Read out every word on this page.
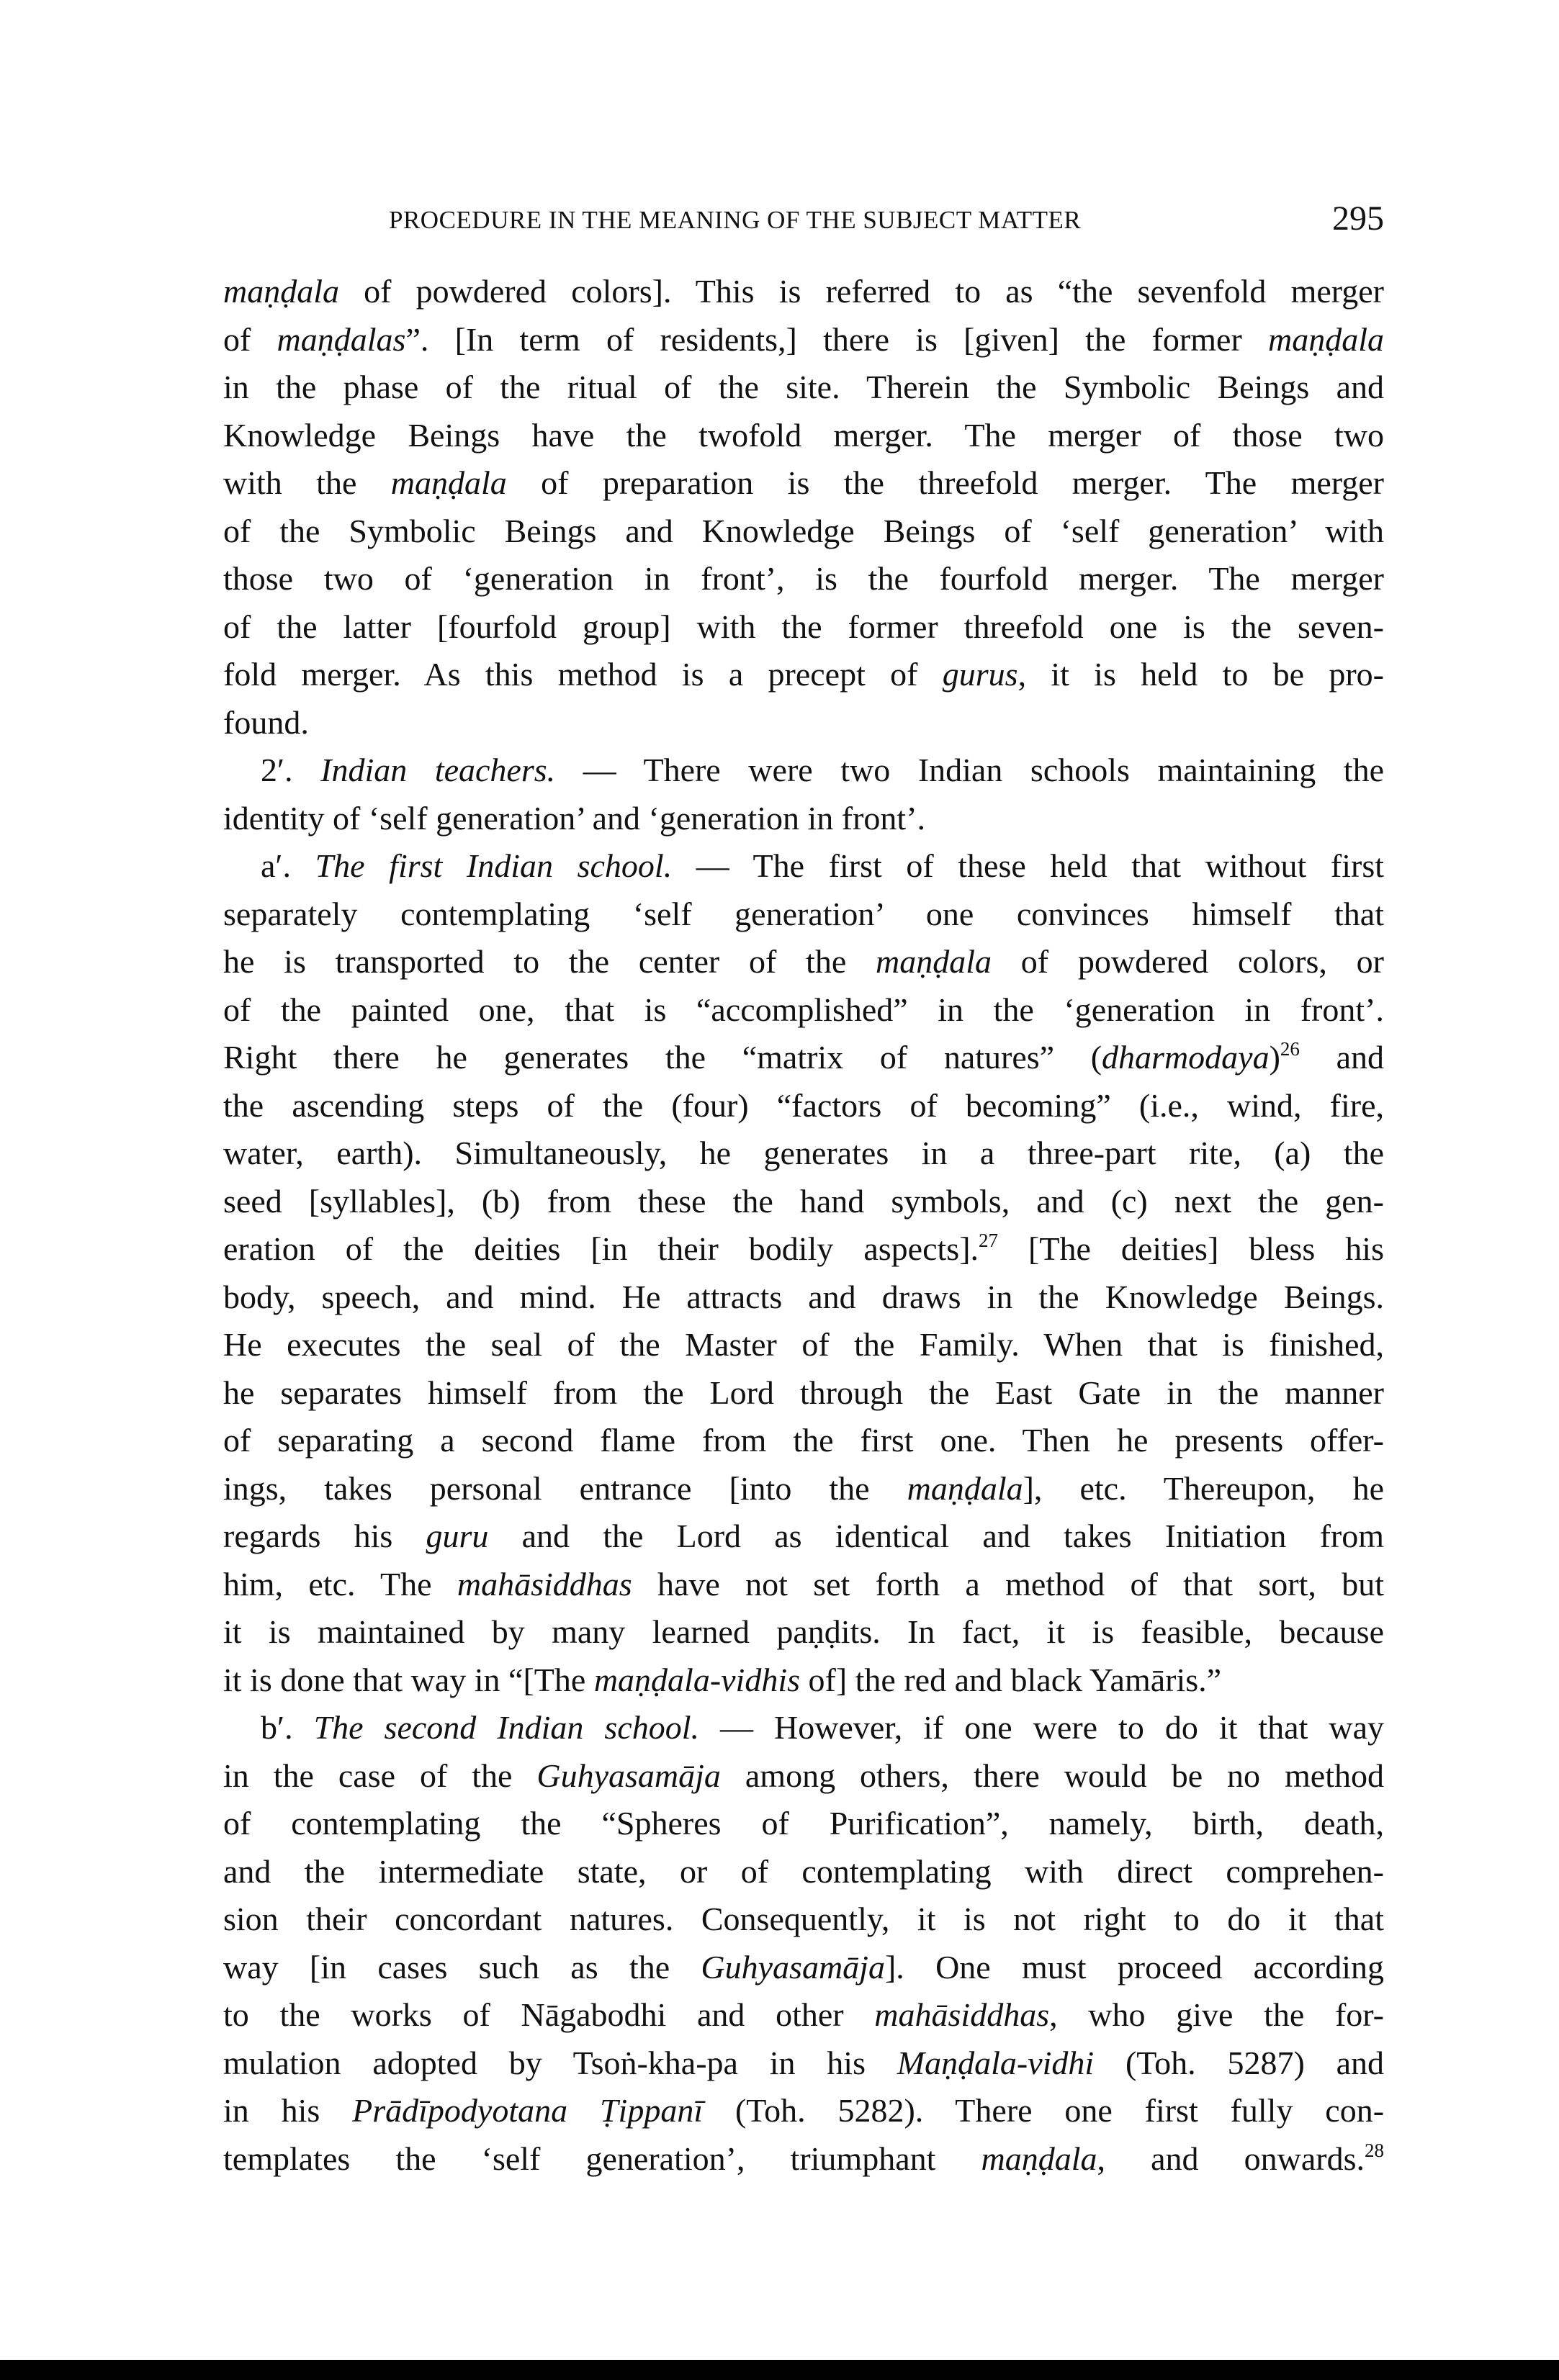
PROCEDURE IN THE MEANING OF THE SUBJECT MATTER	295
maṇḍala of powdered colors]. This is referred to as “the sevenfold merger
of maṇḍalas”. [In term of residents,] there is [given] the former maṇḍala
in the phase of the ritual of the site. Therein the Symbolic Beings and
Knowledge Beings have the twofold merger. The merger of those two
with the maṇḍala of preparation is the threefold merger. The merger
of the Symbolic Beings and Knowledge Beings of ‘self generation’ with
those two of ‘generation in front’, is the fourfold merger. The merger
of the latter [fourfold group] with the former threefold one is the seven-
fold merger. As this method is a precept of gurus, it is held to be pro-
found.
2′. Indian teachers. — There were two Indian schools maintaining the
identity of ‘self generation’ and ‘generation in front’.
a′. The first Indian school. — The first of these held that without first
separately contemplating ‘self generation’ one convinces himself that
he is transported to the center of the maṇḍala of powdered colors, or
of the painted one, that is “accomplished” in the ‘generation in front’.
Right there he generates the “matrix of natures” (dharmodaya)$^{26}$ and
the ascending steps of the (four) “factors of becoming” (i.e., wind, fire,
water, earth). Simultaneously, he generates in a three-part rite, (a) the
seed [syllables], (b) from these the hand symbols, and (c) next the gen-
eration of the deities [in their bodily aspects].$^{27}$ [The deities] bless his
body, speech, and mind. He attracts and draws in the Knowledge Beings.
He executes the seal of the Master of the Family. When that is finished,
he separates himself from the Lord through the East Gate in the manner
of separating a second flame from the first one. Then he presents offer-
ings, takes personal entrance [into the maṇḍala], etc. Thereupon, he
regards his guru and the Lord as identical and takes Initiation from
him, etc. The mahāsiddhas have not set forth a method of that sort, but
it is maintained by many learned paṇḍits. In fact, it is feasible, because
it is done that way in “[The maṇḍala-vidhis of] the red and black Yamāris.”
b′. The second Indian school. — However, if one were to do it that way
in the case of the Guhyasamāja among others, there would be no method
of contemplating the “Spheres of Purification”, namely, birth, death,
and the intermediate state, or of contemplating with direct comprehen-
sion their concordant natures. Consequently, it is not right to do it that
way [in cases such as the Guhyasamāja]. One must proceed according
to the works of Nāgabodhi and other mahāsiddhas, who give the for-
mulation adopted by Tsoṅ-kha-pa in his Maṇḍala-vidhi (Toh. 5287) and
in his Prādīpodyotana Ṭippanī (Toh. 5282). There one first fully con-
templates the ‘self generation’, triumphant maṇḍala, and onwards.$^{28}$
